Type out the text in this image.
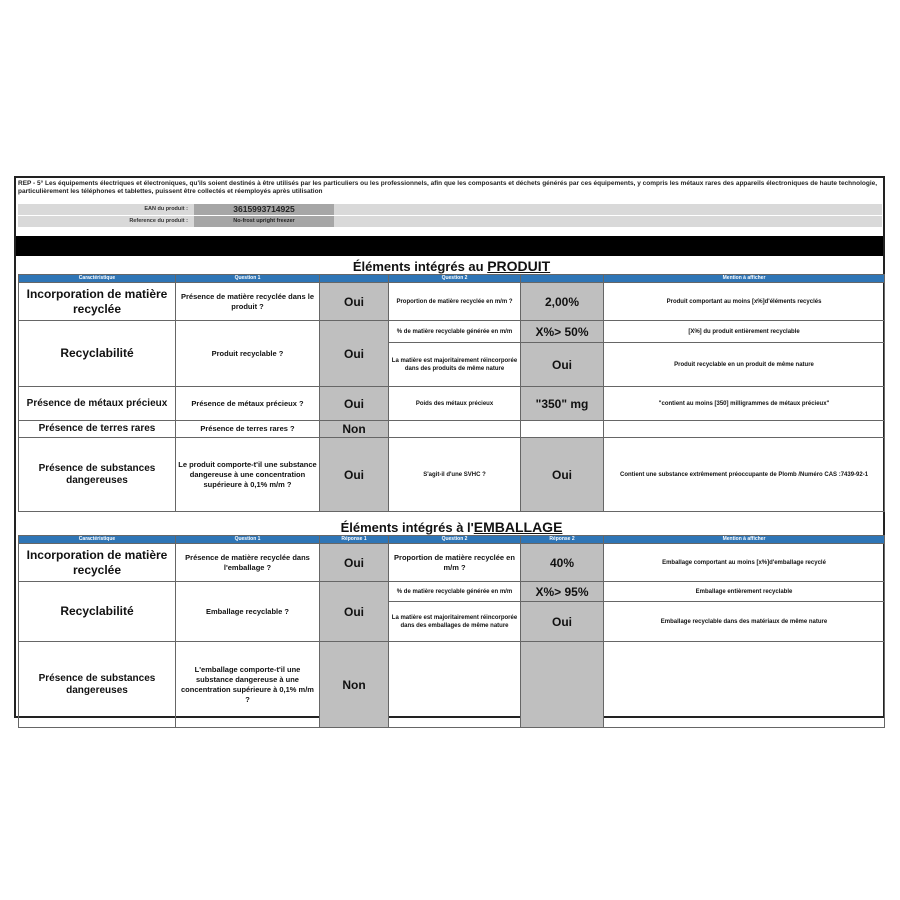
REP - 5° Les équipements électriques et électroniques, qu'ils soient destinés à être utilisés par les particuliers ou les professionnels, afin que les composants et déchets générés par ces équipements, y compris les métaux rares des appareils électroniques de haute technologie, particulièrement les téléphones et tablettes, puissent être collectés et réemployés après utilisation
EAN du produit :	3615993714925
Reference du produit :	No-frost upright freezer
Éléments intégrés au PRODUIT					
Caractéristique	Question 1		Question 2		Mention à afficher
Incorporation de matière recyclée	Présence de matière recyclée dans le produit ?	Oui	Proportion de matière recyclée en m/m ?	2,00%	Produit comportant au moins [x%]d'éléments recyclés
Recyclabilité	Produit recyclable ?	Oui	% de matière recyclable générée en m/m	X%> 50%	[X%] du produit entièrement recyclable
			La matière est majoritairement réincorporée dans des produits de même nature	Oui	Produit recyclable en un produit de même nature
Présence de métaux précieux	Présence de métaux précieux ?	Oui	Poids des métaux précieux	"350" mg	"contient au moins [350] milligrammes de métaux précieux"
Présence de terres rares	Présence de terres rares ?	Non			
Présence de substances dangereuses	Le produit comporte-t'il une substance dangereuse à une concentration supérieure à 0,1% m/m ?	Oui	S'agit-il d'une SVHC ?	Oui	Contient une substance extrêmement préoccupante de Plomb /Numéro CAS :7439-92-1
Éléments intégrés à l'EMBALLAGE					
Caractéristique	Question 1	Réponse 1	Question 2	Réponse 2	Mention à afficher
Incorporation de matière recyclée	Présence de matière recyclée dans l'emballage ?	Oui	Proportion de matière recyclée en m/m ?	40%	Emballage comportant au moins [x%]d'emballage recyclé
Recyclabilité	Emballage recyclable ?	Oui	% de matière recyclable générée en m/m	X%> 95%	Emballage entièrement recyclable
			La matière est majoritairement réincorporée dans des emballages de même nature	Oui	Emballage recyclable dans des matériaux de même nature
Présence de substances dangereuses	L'emballage comporte-t'il une substance dangereuse à une concentration supérieure à 0,1% m/m ?	Non			
